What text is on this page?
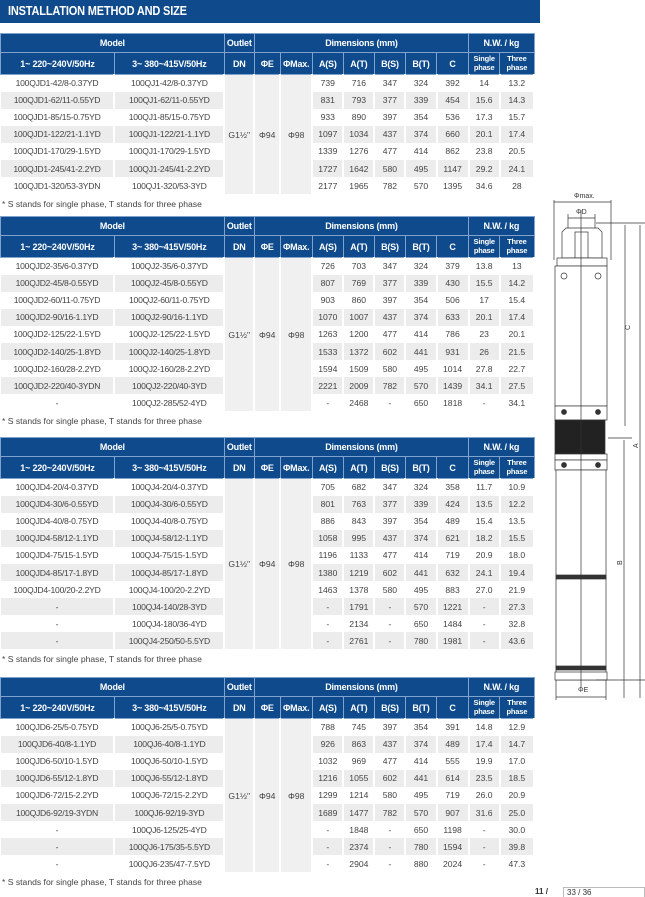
INSTALLATION METHOD AND SIZE
Model		Outlet	Dimensions (mm)							N.W. / kg	
1~ 220~240V/50Hz	3~ 380~415V/50Hz	DN	ΦE	ΦMax.	A(S)	A(T)	B(S)	B(T)	C	Single phase	Three phase
100QJD1-42/8-0.37YD	100QJ1-42/8-0.37YD	G1½"	Φ94	Φ98	739	716	347	324	392	14	13.2
100QJD1-62/11-0.55YD	100QJ1-62/11-0.55YD				831	793	377	339	454	15.6	14.3
100QJD1-85/15-0.75YD	100QJ1-85/15-0.75YD				933	890	397	354	536	17.3	15.7
100QJD1-122/21-1.1YD	100QJ1-122/21-1.1YD				1097	1034	437	374	660	20.1	17.4
100QJD1-170/29-1.5YD	100QJ1-170/29-1.5YD				1339	1276	477	414	862	23.8	20.5
100QJD1-245/41-2.2YD	100QJ1-245/41-2.2YD				1727	1642	580	495	1147	29.2	24.1
100QJD1-320/53-3YDN	100QJ1-320/53-3YD				2177	1965	782	570	1395	34.6	28
* S stands for single phase, T stands for three phase
Model		Outlet	Dimensions (mm)							N.W. / kg	
1~ 220~240V/50Hz	3~ 380~415V/50Hz	DN	ΦE	ΦMax.	A(S)	A(T)	B(S)	B(T)	C	Single phase	Three phase
100QJD2-35/6-0.37YD	100QJ2-35/6-0.37YD	G1½"	Φ94	Φ98	726	703	347	324	379	13.8	13
100QJD2-45/8-0.55YD	100QJ2-45/8-0.55YD				807	769	377	339	430	15.5	14.2
100QJD2-60/11-0.75YD	100QJ2-60/11-0.75YD				903	860	397	354	506	17	15.4
100QJD2-90/16-1.1YD	100QJ2-90/16-1.1YD				1070	1007	437	374	633	20.1	17.4
100QJD2-125/22-1.5YD	100QJ2-125/22-1.5YD				1263	1200	477	414	786	23	20.1
100QJD2-140/25-1.8YD	100QJ2-140/25-1.8YD				1533	1372	602	441	931	26	21.5
100QJD2-160/28-2.2YD	100QJ2-160/28-2.2YD				1594	1509	580	495	1014	27.8	22.7
100QJD2-220/40-3YDN	100QJ2-220/40-3YD				2221	2009	782	570	1439	34.1	27.5
-	100QJ2-285/52-4YD				-	2468	-	650	1818	-	34.1
* S stands for single phase, T stands for three phase
Model		Outlet	Dimensions (mm)							N.W. / kg	
1~ 220~240V/50Hz	3~ 380~415V/50Hz	DN	ΦE	ΦMax.	A(S)	A(T)	B(S)	B(T)	C	Single phase	Three phase
100QJD4-20/4-0.37YD	100QJ4-20/4-0.37YD	G1½"	Φ94	Φ98	705	682	347	324	358	11.7	10.9
100QJD4-30/6-0.55YD	100QJ4-30/6-0.55YD				801	763	377	339	424	13.5	12.2
100QJD4-40/8-0.75YD	100QJ4-40/8-0.75YD				886	843	397	354	489	15.4	13.5
100QJD4-58/12-1.1YD	100QJ4-58/12-1.1YD				1058	995	437	374	621	18.2	15.5
100QJD4-75/15-1.5YD	100QJ4-75/15-1.5YD				1196	1133	477	414	719	20.9	18.0
100QJD4-85/17-1.8YD	100QJ4-85/17-1.8YD				1380	1219	602	441	632	24.1	19.4
100QJD4-100/20-2.2YD	100QJ4-100/20-2.2YD				1463	1378	580	495	883	27.0	21.9
-	100QJ4-140/28-3YD				-	1791	-	570	1221	-	27.3
-	100QJ4-180/36-4YD				-	2134	-	650	1484	-	32.8
-	100QJ4-250/50-5.5YD				-	2761	-	780	1981	-	43.6
* S stands for single phase, T stands for three phase
Model		Outlet	Dimensions (mm)							N.W. / kg	
1~ 220~240V/50Hz	3~ 380~415V/50Hz	DN	ΦE	ΦMax.	A(S)	A(T)	B(S)	B(T)	C	Single phase	Three phase
100QJD6-25/5-0.75YD	100QJ6-25/5-0.75YD	G1½"	Φ94	Φ98	788	745	397	354	391	14.8	12.9
100QJD6-40/8-1.1YD	100QJ6-40/8-1.1YD				926	863	437	374	489	17.4	14.7
100QJD6-50/10-1.5YD	100QJ6-50/10-1.5YD				1032	969	477	414	555	19.9	17.0
100QJD6-55/12-1.8YD	100QJ6-55/12-1.8YD				1216	1055	602	441	614	23.5	18.5
100QJD6-72/15-2.2YD	100QJ6-72/15-2.2YD				1299	1214	580	495	719	26.0	20.9
100QJD6-92/19-3YDN	100QJ6-92/19-3YD				1689	1477	782	570	907	31.6	25.0
-	100QJ6-125/25-4YD				-	1848	-	650	1198	-	30.0
-	100QJ6-175/35-5.5YD				-	2374	-	780	1594	-	39.8
-	100QJ6-235/47-7.5YD				-	2904	-	880	2024	-	47.3
* S stands for single phase, T stands for three phase
Φmax.
ΦD
ΦE
C
A
B
11 /	33 / 36
